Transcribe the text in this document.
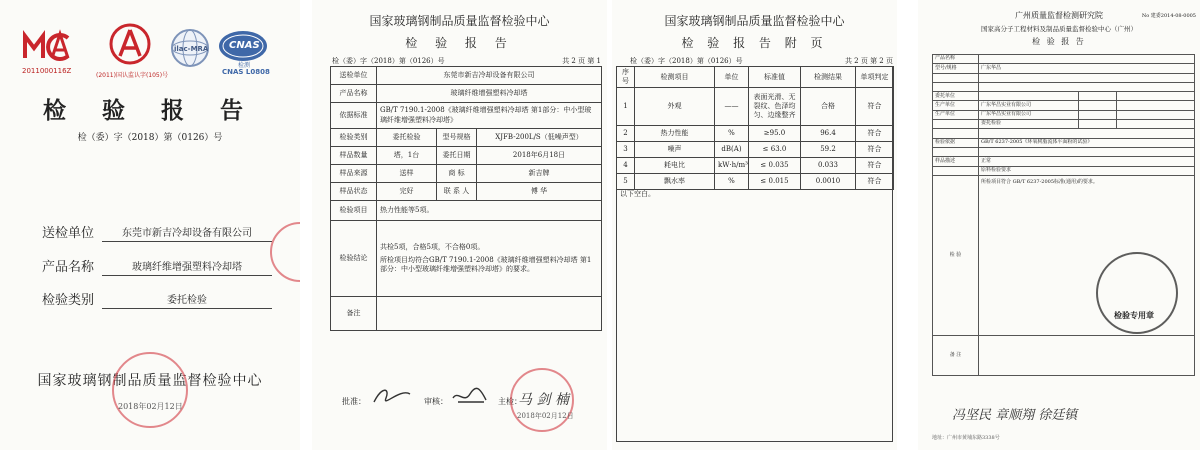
2011000116Z
(2011)国认监认字(105)号
ilac-MRA CNAS
检测
CNAS L0808
检 验 报 告
检（委）字（2018）第（0126）号
送检单位	东莞市新吉冷却设备有限公司
产品名称	玻璃纤维增强塑料冷却塔
检验类别	委托检验
国家玻璃钢制品质量监督检验中心
2018年02月12日
国家玻璃钢制品质量监督检验中心
检 验 报 告
检（委）字（2018）第（0126）号	共 2 页 第 1
送检单位	东莞市新吉冷却设备有限公司		
产品名称	玻璃纤维增强塑料冷却塔		
依据标准	GB/T 7190.1-2008《玻璃纤维增强塑料冷却塔 第1部分：中小型玻璃纤维增强塑料冷却塔》		
检验类别	委托检验	型号规格	XJFB-200L/S（低噪声型）
样品数量	塔，1台	委托日期	2018年6月18日
样品来源	送样	商 标	新吉牌
样品状态	完好	联 系 人	傅 华
检验项目	热力性能等5项。		
检验结论	共检5项，合格5项，不合格0项。
所检项目均符合GB/T 7190.1-2008《玻璃纤维增强塑料冷却塔 第1部分：中小型玻璃纤维增强塑料冷却塔》的要求。		

备注			
批准：	审核：	主检：
马 剑 楠
2018年02月12日
国家玻璃钢制品质量监督检验中心
检 验 报 告 附 页
检（委）字（2018）第（0126）号	共 2 页 第 2 页
序号	检测项目	单位	标准值	检测结果	单项判定
1	外观	——	表面光滑、无裂纹、色泽均匀、边缘整齐	合格	符合
2	热力性能	%	≥95.0	96.4	符合
3	噪声	dB(A)	≤ 63.0	59.2	符合
4	耗电比	kW·h/m³	≤ 0.035	0.033	符合
5	飘水率	%	≤ 0.015	0.0010	符合
以下空白。
广州质量监督检测研究院	No 建委2014-08-0005
国家高分子工程材料及制品质量监督检验中心（广州）
检 验 报 告
产品名称			
型号/规格	广东华昌		

委托单位			
生产单位	广东华昌实业有限公司		
生产单位	广东华昌实业有限公司		
	委托检验		

检验依据	GB/T 6237-2005《环氧树脂流体平面粉的试验》		

样品描述	正常		
	原料检验要求		
检 验	所检项目符合 GB/T 6237-2005标准(通用)的要求。		
备 注			
检验专用章
冯坚民 章顺翔 徐廷镇
地址：广州市黄埔东路3338号
